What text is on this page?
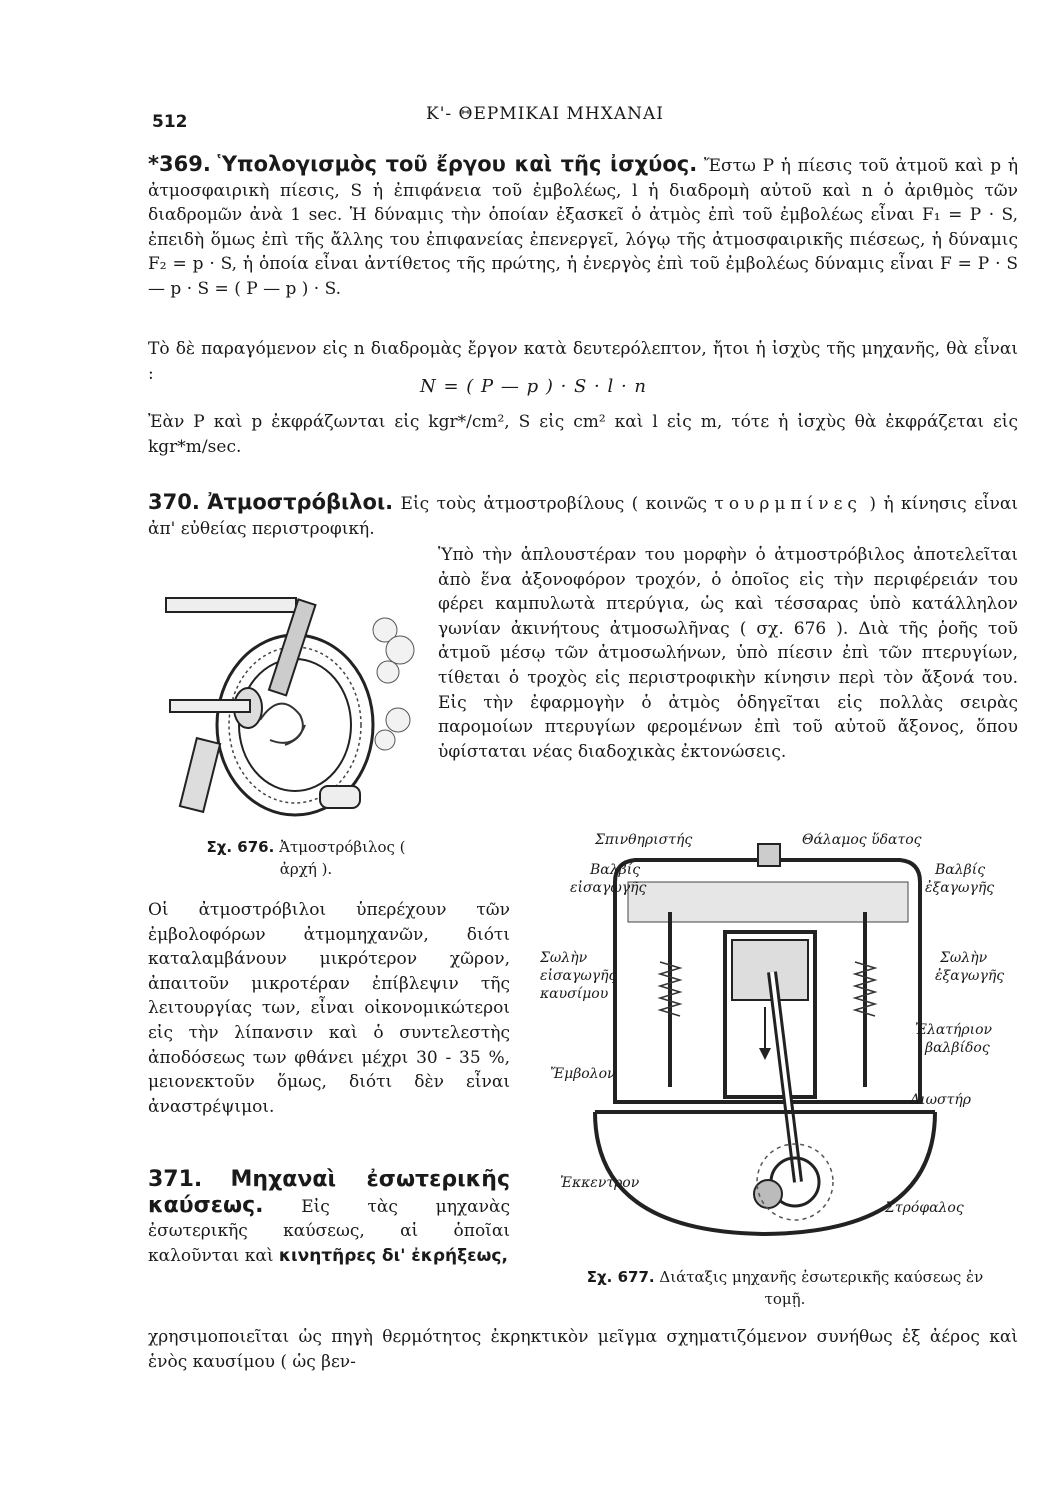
512	Κ'- ΘΕΡΜΙΚΑΙ ΜΗΧΑΝΑΙ

*369. Ὑπολογισμὸς τοῦ ἔργου καὶ τῆς ἰσχύος. Ἔστω P ἡ πίεσις τοῦ ἀτμοῦ καὶ p ἡ ἀτμοσφαιρικὴ πίεσις, S ἡ ἐπιφάνεια τοῦ ἐμβολέως, l ἡ διαδρομὴ αὐτοῦ καὶ n ὁ ἀριθμὸς τῶν διαδρομῶν ἀνὰ 1 sec. Ἡ δύναμις τὴν ὁποίαν ἐξασκεῖ ὁ ἀτμὸς ἐπὶ τοῦ ἐμβολέως εἶναι F₁ = P · S, ἐπειδὴ ὅμως ἐπὶ τῆς ἄλλης του ἐπιφανείας ἐπενεργεῖ, λόγῳ τῆς ἀτμοσφαιρικῆς πιέσεως, ἡ δύναμις F₂ = p · S, ἡ ὁποία εἶναι ἀντίθετος τῆς πρώτης, ἡ ἐνεργὸς ἐπὶ τοῦ ἐμβολέως δύναμις εἶναι F = P · S — p · S = ( P — p ) · S.

Τὸ δὲ παραγόμενον εἰς n διαδρομὰς ἔργον κατὰ δευτερόλεπτον, ἤτοι ἡ ἰσχὺς τῆς μηχανῆς, θὰ εἶναι :

N = ( P — p ) · S · l · n

Ἐὰν P καὶ p ἐκφράζωνται εἰς kgr*/cm², S εἰς cm² καὶ l εἰς m, τότε ἡ ἰσχὺς θὰ ἐκφράζεται εἰς kgr*m/sec.

370. Ἀτμοστρόβιλοι. Εἰς τοὺς ἀτμοστροβίλους ( κοινῶς τουρμπίνες ) ἡ κίνησις εἶναι ἀπ' εὐθείας περιστροφική.

Ὑπὸ τὴν ἁπλουστέραν του μορφὴν ὁ ἀτμοστρόβιλος ἀποτελεῖται ἀπὸ ἕνα ἀξονοφόρον τροχόν, ὁ ὁποῖος εἰς τὴν περιφέρειάν του φέρει καμπυλωτὰ πτερύγια, ὡς καὶ τέσσαρας ὑπὸ κατάλληλον γωνίαν ἀκινήτους ἀτμοσωλῆνας ( σχ. 676 ). Διὰ τῆς ῥοῆς τοῦ ἀτμοῦ μέσῳ τῶν ἀτμοσωλήνων, ὑπὸ πίεσιν ἐπὶ τῶν πτερυγίων, τίθεται ὁ τροχὸς εἰς περιστροφικὴν κίνησιν περὶ τὸν ἄξονά του. Εἰς τὴν ἐφαρμογὴν ὁ ἀτμὸς ὁδηγεῖται εἰς πολλὰς σειρὰς παρομοίων πτερυγίων φερομένων ἐπὶ τοῦ αὐτοῦ ἄξονος, ὅπου ὑφίσταται νέας διαδοχικὰς ἐκτονώσεις.

Σχ. 676. Ἀτμοστρόβιλος ( ἀρχή ).

Οἱ ἀτμοστρόβιλοι ὑπερέχουν τῶν ἐμβολοφόρων ἀτμομηχανῶν, διότι καταλαμβάνουν μικρότερον χῶρον, ἀπαιτοῦν μικροτέραν ἐπίβλεψιν τῆς λειτουργίας των, εἶναι οἰκονομικώτεροι εἰς τὴν λίπανσιν καὶ ὁ συντελεστὴς ἀποδόσεως των φθάνει μέχρι 30 - 35 %, μειονεκτοῦν ὅμως, διότι δὲν εἶναι ἀναστρέψιμοι.

371. Μηχαναὶ ἐσωτερικῆς καύσεως. Εἰς τὰς μηχανὰς ἐσωτερικῆς καύσεως, αἱ ὁποῖαι καλοῦνται καὶ κινητῆρες δι' ἐκρήξεως,

Σπινθηριστής	Θάλαμος ὕδατος
Βαλβίς
εἰσαγωγῆς
Βαλβίς
ἐξαγωγῆς
Σωλὴν
εἰσαγωγῆς
καυσίμου
Σωλὴν
ἐξαγωγῆς
Ἐλατήριον
βαλβίδος
Ἔμβολον
Διωστήρ
Ἐκκεντρον
Στρόφαλος
Σχ. 677. Διάταξις μηχανῆς ἐσωτερικῆς καύσεως ἐν τομῇ.

χρησιμοποιεῖται ὡς πηγὴ θερμότητος ἐκρηκτικὸν μεῖγμα σχηματιζόμενον συνήθως ἐξ ἀέρος καὶ ἑνὸς καυσίμου ( ὡς βεν-
